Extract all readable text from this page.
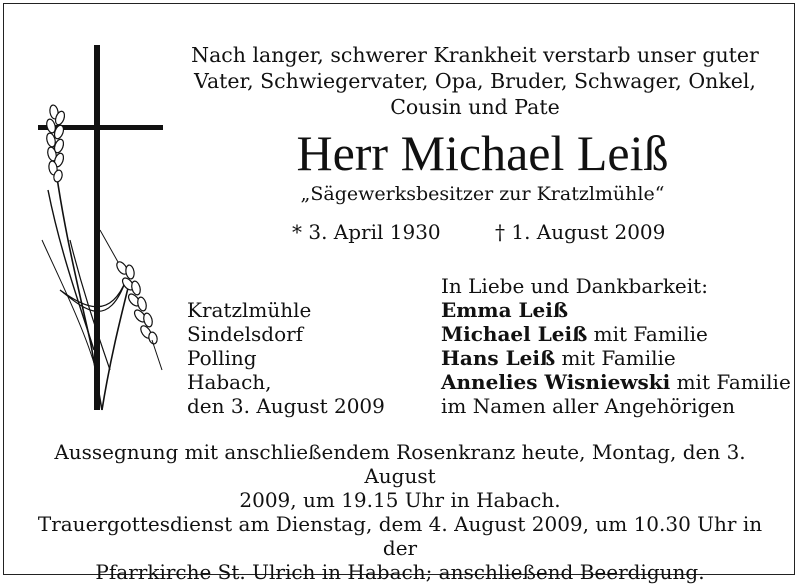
Nach langer, schwerer Krankheit verstarb unser guter
Vater, Schwiegervater, Opa, Bruder, Schwager, Onkel,
Cousin und Pate
Herr Michael Leiß
„Sägewerksbesitzer zur Kratzlmühle“
* 3. April 1930	† 1. August 2009
In Liebe und Dankbarkeit:
Kratzlmühle
Sindelsdorf
Polling
Habach,
den 3. August 2009
Emma Leiß
Michael Leiß mit Familie
Hans Leiß mit Familie
Annelies Wisniewski mit Familie
im Namen aller Angehörigen
Aussegnung mit anschließendem Rosenkranz heute, Montag, den 3. August
2009, um 19.15 Uhr in Habach.
Trauergottesdienst am Dienstag, dem 4. August 2009, um 10.30 Uhr in der
Pfarrkirche St. Ulrich in Habach; anschließend Beerdigung.
